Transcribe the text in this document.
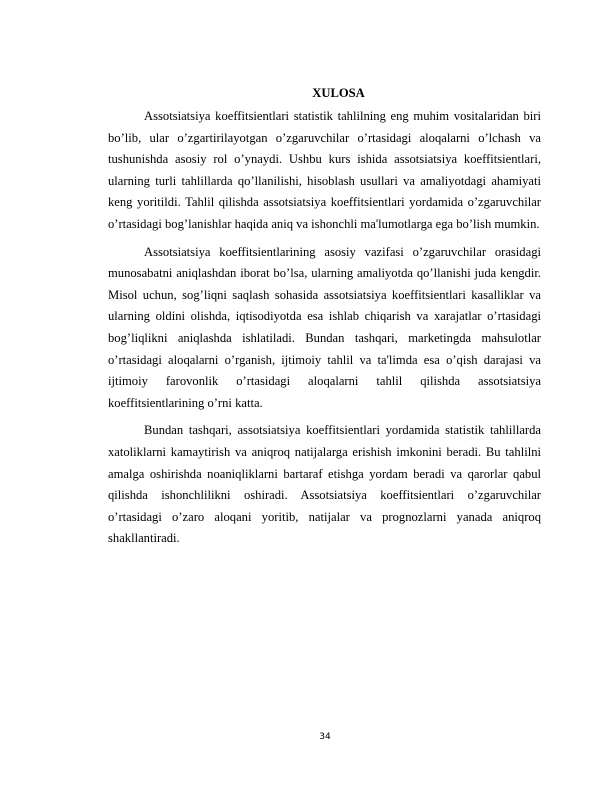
XULOSA

Assotsiatsiya koeffitsientlari statistik tahlilning eng muhim vositalaridan biri bo’lib, ular o’zgartirilayotgan o’zgaruvchilar o’rtasidagi aloqalarni o’lchash va tushunishda asosiy rol o’ynaydi. Ushbu kurs ishida assotsiatsiya koeffitsientlari, ularning turli tahlillarda qo’llanilishi, hisoblash usullari va amaliyotdagi ahamiyati keng yoritildi. Tahlil qilishda assotsiatsiya koeffitsientlari yordamida o’zgaruvchilar o’rtasidagi bog’lanishlar haqida aniq va ishonchli ma'lumotlarga ega bo’lish mumkin.

Assotsiatsiya koeffitsientlarining asosiy vazifasi o’zgaruvchilar orasidagi munosabatni aniqlashdan iborat bo’lsa, ularning amaliyotda qo’llanishi juda kengdir. Misol uchun, sog’liqni saqlash sohasida assotsiatsiya koeffitsientlari kasalliklar va ularning oldini olishda, iqtisodiyotda esa ishlab chiqarish va xarajatlar o’rtasidagi bog’liqlikni aniqlashda ishlatiladi. Bundan tashqari, marketingda mahsulotlar o’rtasidagi aloqalarni o’rganish, ijtimoiy tahlil va ta'limda esa o’qish darajasi va ijtimoiy farovonlik o’rtasidagi aloqalarni tahlil qilishda assotsiatsiya koeffitsientlarining o’rni katta.

Bundan tashqari, assotsiatsiya koeffitsientlari yordamida statistik tahlillarda xatoliklarni kamaytirish va aniqroq natijalarga erishish imkonini beradi. Bu tahlilni amalga oshirishda noaniqliklarni bartaraf etishga yordam beradi va qarorlar qabul qilishda ishonchlilikni oshiradi. Assotsiatsiya koeffitsientlari o’zgaruvchilar o’rtasidagi o’zaro aloqani yoritib, natijalar va prognozlarni yanada aniqroq shakllantiradi.

34
